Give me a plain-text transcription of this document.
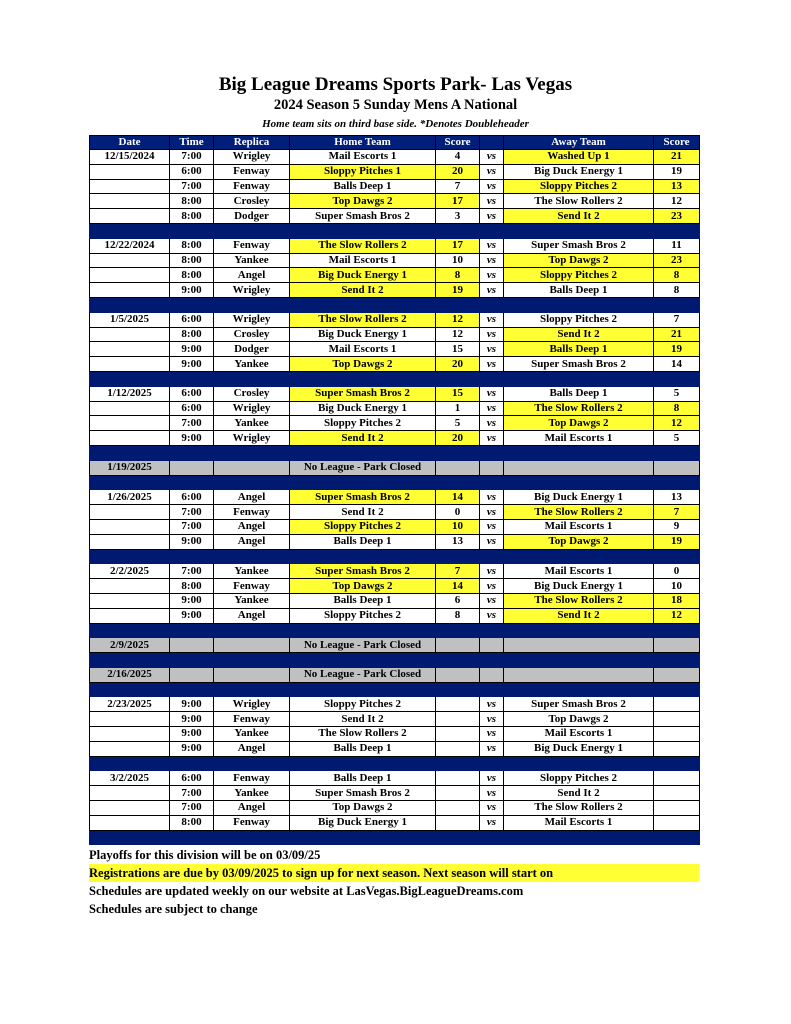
Big League Dreams Sports Park- Las Vegas
2024 Season 5 Sunday Mens A National
Home team sits on third base side. *Denotes Doubleheader
Date	Time	Replica	Home Team	Score		Away Team	Score
12/15/2024	7:00	Wrigley	Mail Escorts 1	4	vs	Washed Up 1	21
	6:00	Fenway	Sloppy Pitches 1	20	vs	Big Duck Energy 1	19
	7:00	Fenway	Balls Deep 1	7	vs	Sloppy Pitches 2	13
	8:00	Crosley	Top Dawgs 2	17	vs	The Slow Rollers 2	12
	8:00	Dodger	Super Smash Bros 2	3	vs	Send It 2	23

12/22/2024	8:00	Fenway	The Slow Rollers 2	17	vs	Super Smash Bros 2	11
	8:00	Yankee	Mail Escorts 1	10	vs	Top Dawgs 2	23
	8:00	Angel	Big Duck Energy 1	8	vs	Sloppy Pitches 2	8
	9:00	Wrigley	Send It 2	19	vs	Balls Deep 1	8

1/5/2025	6:00	Wrigley	The Slow Rollers 2	12	vs	Sloppy Pitches 2	7
	8:00	Crosley	Big Duck Energy 1	12	vs	Send It 2	21
	9:00	Dodger	Mail Escorts 1	15	vs	Balls Deep 1	19
	9:00	Yankee	Top Dawgs 2	20	vs	Super Smash Bros 2	14

1/12/2025	6:00	Crosley	Super Smash Bros 2	15	vs	Balls Deep 1	5
	6:00	Wrigley	Big Duck Energy 1	1	vs	The Slow Rollers 2	8
	7:00	Yankee	Sloppy Pitches 2	5	vs	Top Dawgs 2	12
	9:00	Wrigley	Send It 2	20	vs	Mail Escorts 1	5

1/19/2025			No League - Park Closed				

1/26/2025	6:00	Angel	Super Smash Bros 2	14	vs	Big Duck Energy 1	13
	7:00	Fenway	Send It 2	0	vs	The Slow Rollers 2	7
	7:00	Angel	Sloppy Pitches 2	10	vs	Mail Escorts 1	9
	9:00	Angel	Balls Deep 1	13	vs	Top Dawgs 2	19

2/2/2025	7:00	Yankee	Super Smash Bros 2	7	vs	Mail Escorts 1	0
	8:00	Fenway	Top Dawgs 2	14	vs	Big Duck Energy 1	10
	9:00	Yankee	Balls Deep 1	6	vs	The Slow Rollers 2	18
	9:00	Angel	Sloppy Pitches 2	8	vs	Send It 2	12

2/9/2025			No League - Park Closed				

2/16/2025			No League - Park Closed				

2/23/2025	9:00	Wrigley	Sloppy Pitches 2		vs	Super Smash Bros 2	
	9:00	Fenway	Send It 2		vs	Top Dawgs 2	
	9:00	Yankee	The Slow Rollers 2		vs	Mail Escorts 1	
	9:00	Angel	Balls Deep 1		vs	Big Duck Energy 1	

3/2/2025	6:00	Fenway	Balls Deep 1		vs	Sloppy Pitches 2	
	7:00	Yankee	Super Smash Bros 2		vs	Send It 2	
	7:00	Angel	Top Dawgs 2		vs	The Slow Rollers 2	
	8:00	Fenway	Big Duck Energy 1		vs	Mail Escorts 1	

Playoffs for this division will be on 03/09/25
Registrations are due by 03/09/2025 to sign up for next season. Next season will start on
Schedules are updated weekly on our website at LasVegas.BigLeagueDreams.com
Schedules are subject to change
